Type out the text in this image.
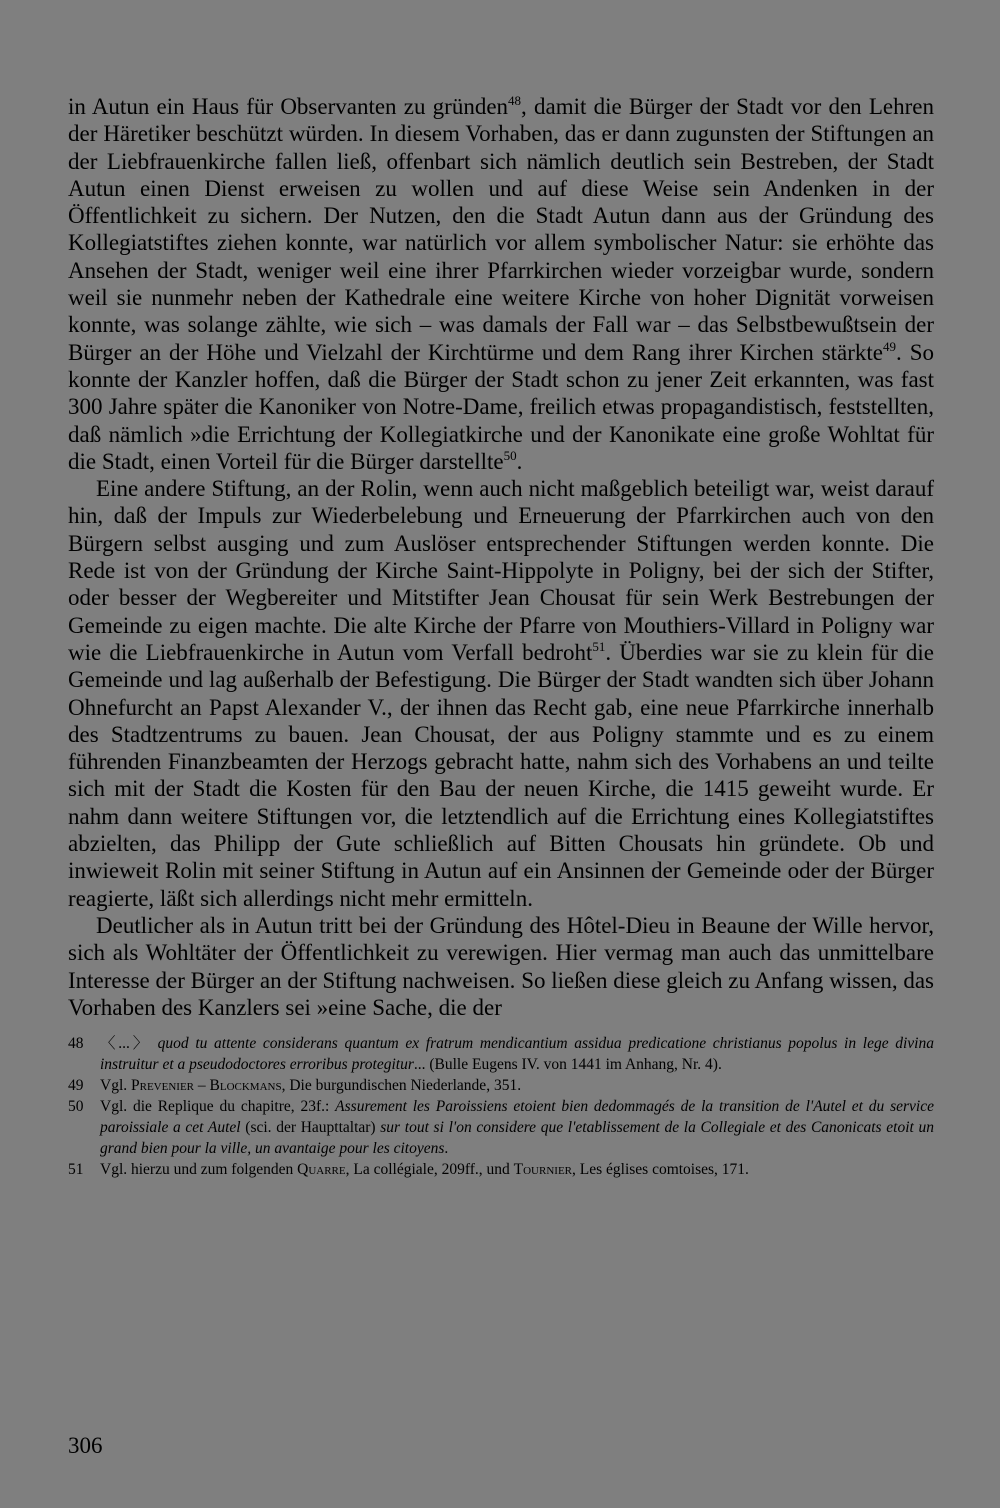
in Autun ein Haus für Observanten zu gründen$^{48}$, damit die Bürger der Stadt vor den Lehren der Häretiker beschützt würden. In diesem Vorhaben, das er dann zugunsten der Stiftungen an der Liebfrauenkirche fallen ließ, offenbart sich nämlich deutlich sein Bestreben, der Stadt Autun einen Dienst erweisen zu wollen und auf diese Weise sein Andenken in der Öffentlichkeit zu sichern. Der Nutzen, den die Stadt Autun dann aus der Gründung des Kollegiatstiftes ziehen konnte, war natürlich vor allem symbolischer Natur: sie erhöhte das Ansehen der Stadt, weniger weil eine ihrer Pfarrkirchen wieder vorzeigbar wurde, sondern weil sie nunmehr neben der Kathedrale eine weitere Kirche von hoher Dignität vorweisen konnte, was solange zählte, wie sich – was damals der Fall war – das Selbstbewußtsein der Bürger an der Höhe und Vielzahl der Kirchtürme und dem Rang ihrer Kirchen stärkte$^{49}$. So konnte der Kanzler hoffen, daß die Bürger der Stadt schon zu jener Zeit erkannten, was fast 300 Jahre später die Kanoniker von Notre-Dame, freilich etwas propagandistisch, feststellten, daß nämlich »die Errichtung der Kollegiatkirche und der Kanonikate eine große Wohltat für die Stadt, einen Vorteil für die Bürger darstellte$^{50}$.

Eine andere Stiftung, an der Rolin, wenn auch nicht maßgeblich beteiligt war, weist darauf hin, daß der Impuls zur Wiederbelebung und Erneuerung der Pfarrkirchen auch von den Bürgern selbst ausging und zum Auslöser entsprechender Stiftungen werden konnte. Die Rede ist von der Gründung der Kirche Saint-Hippolyte in Poligny, bei der sich der Stifter, oder besser der Wegbereiter und Mitstifter Jean Chousat für sein Werk Bestrebungen der Gemeinde zu eigen machte. Die alte Kirche der Pfarre von Mouthiers-Villard in Poligny war wie die Liebfrauenkirche in Autun vom Verfall bedroht$^{51}$. Überdies war sie zu klein für die Gemeinde und lag außerhalb der Befestigung. Die Bürger der Stadt wandten sich über Johann Ohnefurcht an Papst Alexander V., der ihnen das Recht gab, eine neue Pfarrkirche innerhalb des Stadtzentrums zu bauen. Jean Chousat, der aus Poligny stammte und es zu einem führenden Finanzbeamten der Herzogs gebracht hatte, nahm sich des Vorhabens an und teilte sich mit der Stadt die Kosten für den Bau der neuen Kirche, die 1415 geweiht wurde. Er nahm dann weitere Stiftungen vor, die letztendlich auf die Errichtung eines Kollegiatstiftes abzielten, das Philipp der Gute schließlich auf Bitten Chousats hin gründete. Ob und inwieweit Rolin mit seiner Stiftung in Autun auf ein Ansinnen der Gemeinde oder der Bürger reagierte, läßt sich allerdings nicht mehr ermitteln.

Deutlicher als in Autun tritt bei der Gründung des Hôtel-Dieu in Beaune der Wille hervor, sich als Wohltäter der Öffentlichkeit zu verewigen. Hier vermag man auch das unmittelbare Interesse der Bürger an der Stiftung nachweisen. So ließen diese gleich zu Anfang wissen, das Vorhaben des Kanzlers sei »eine Sache, die der

48	〈...〉 quod tu attente considerans quantum ex fratrum mendicantium assidua predicatione christianus popolus in lege divina instruitur et a pseudodoctores erroribus protegitur... (Bulle Eugens IV. von 1441 im Anhang, Nr. 4).
49	Vgl. Prevenier – Blockmans, Die burgundischen Niederlande, 351.
50	Vgl. die Replique du chapitre, 23f.: Assurement les Paroissiens etoient bien dedommagés de la transition de l'Autel et du service paroissiale a cet Autel (sci. der Haupttaltar) sur tout si l'on considere que l'etablissement de la Collegiale et des Canonicats etoit un grand bien pour la ville, un avantaige pour les citoyens.
51	Vgl. hierzu und zum folgenden Quarre, La collégiale, 209ff., und Tournier, Les églises comtoises, 171.
306
